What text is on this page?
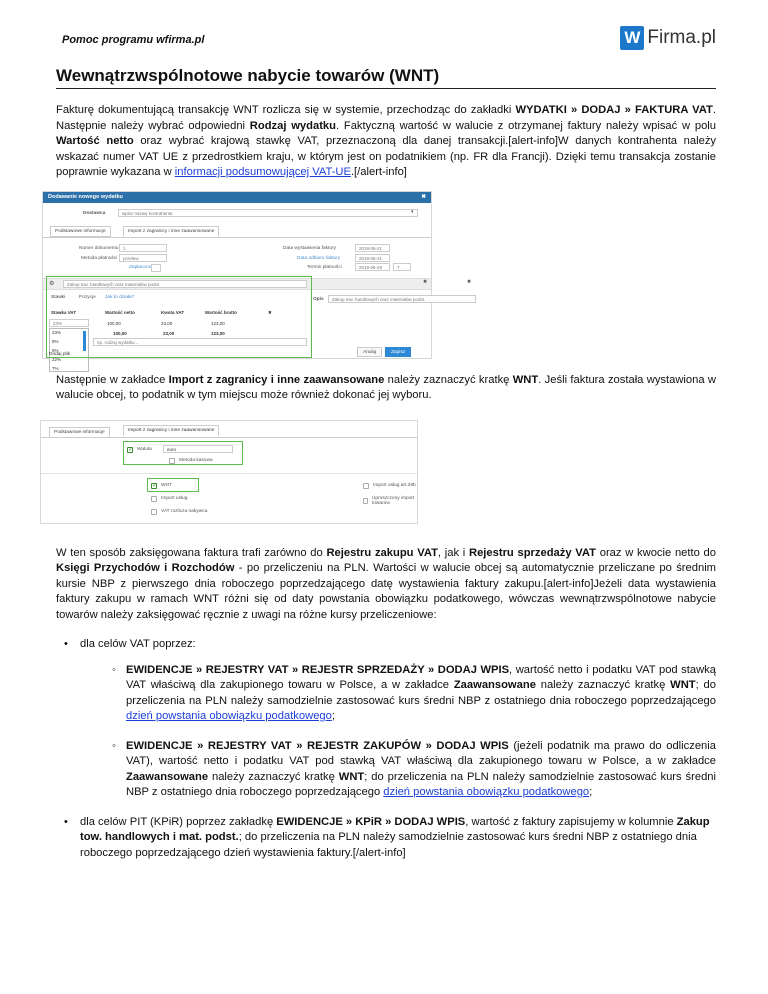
Pomoc programu wfirma.pl	W Firma.pl
Wewnątrzwspólnotowe nabycie towarów (WNT)

Fakturę dokumentującą transakcję WNT rozlicza się w systemie, przechodząc do zakładki WYDATKI » DODAJ » FAKTURA VAT. Następnie należy wybrać odpowiedni Rodzaj wydatku. Faktyczną wartość w walucie z otrzymanej faktury należy wpisać w polu Wartość netto oraz wybrać krajową stawkę VAT, przeznaczoną dla danej transakcji.[alert-info]W danych kontrahenta należy wskazać numer VAT UE z przedrostkiem kraju, w którym jest on podatnikiem (np. FR dla Francji). Dzięki temu transakcja zostanie poprawnie wykazana w informacji podsumowującej VAT-UE.[/alert-info]

Dodawanie nowego wydatku	✖
Dostawca	wpisz nazwę kontrahenta	▾
Podstawowe informacje	Import z zagranicy i inne zaawansowane
Numer dokumentu	1
Metoda płatności	przelew
Zapłacono
Data wystawienia faktury	2018-06-21
Data odbioru faktury	2018-06-21
Termin płatności	2018-06-28	7
⚙	Zakup tow. handlowych oraz materiałów podst.	✖
✖
Stawki	Pozycje Jak to działa?
Stawka VAT	Wartość netto	Kwota VAT	Wartość brutto	✖
23%	100,00	23,00	123,00
100,00	23,00	123,00
23%
8%
5%
22%
7%
np. rodzaj wydatku...
Opis	Zakup tow. handlowych oraz materiałów podst.
Dodaj plik	Anuluj	Zapisz

Następnie w zakładce Import z zagranicy i inne zaawansowane należy zaznaczyć kratkę WNT. Jeśli faktura została wystawiona w walucie obcej, to podatnik w tym miejscu może również dokonać jej wyboru.

Podstawowe informacje	Import z zagranicy i inne zaawansowane
✓ Waluta	euro
Metoda kasowa
✓ WNT
Import usług
VAT rozlicza nabywca
Import usług art.28b
Uproszczony import towarów

W ten sposób zaksięgowana faktura trafi zarówno do Rejestru zakupu VAT, jak i Rejestru sprzedaży VAT oraz w kwocie netto do Księgi Przychodów i Rozchodów - po przeliczeniu na PLN. Wartości w walucie obcej są automatycznie przeliczane po średnim kursie NBP z pierwszego dnia roboczego poprzedzającego datę wystawienia faktury zakupu.[alert-info]Jeżeli data wystawienia faktury zakupu w ramach WNT różni się od daty powstania obowiązku podatkowego, wówczas wewnątrzwspólnotowe nabycie towarów należy zaksięgować ręcznie z uwagi na różne kursy przeliczeniowe:

• dla celów VAT poprzez:
◦ EWIDENCJE » REJESTRY VAT » REJESTR SPRZEDAŻY » DODAJ WPIS, wartość netto i podatku VAT pod stawką VAT właściwą dla zakupionego towaru w Polsce, a w zakładce Zaawansowane należy zaznaczyć kratkę WNT; do przeliczenia na PLN należy samodzielnie zastosować kurs średni NBP z ostatniego dnia roboczego poprzedzającego dzień powstania obowiązku podatkowego;
◦ EWIDENCJE » REJESTRY VAT » REJESTR ZAKUPÓW » DODAJ WPIS (jeżeli podatnik ma prawo do odliczenia VAT), wartość netto i podatku VAT pod stawką VAT właściwą dla zakupionego towaru w Polsce, a w zakładce Zaawansowane należy zaznaczyć kratkę WNT; do przeliczenia na PLN należy samodzielnie zastosować kurs średni NBP z ostatniego dnia roboczego poprzedzającego dzień powstania obowiązku podatkowego;
• dla celów PIT (KPiR) poprzez zakładkę EWIDENCJE » KPiR » DODAJ WPIS, wartość z faktury zapisujemy w kolumnie Zakup tow. handlowych i mat. podst.; do przeliczenia na PLN należy samodzielnie zastosować kurs średni NBP z ostatniego dnia roboczego poprzedzającego dzień wystawienia faktury.[/alert-info]
